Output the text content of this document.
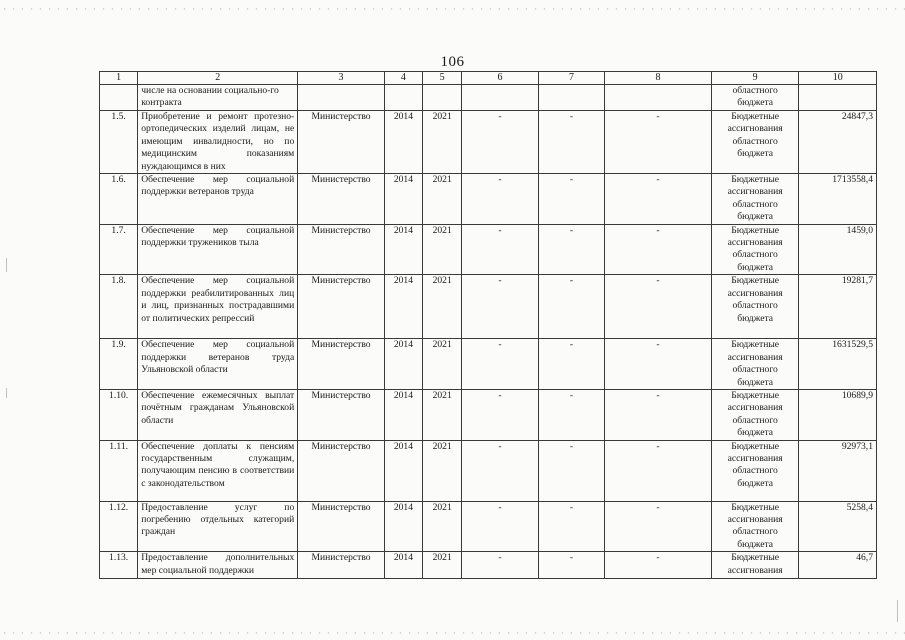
106
1	2	3	4	5	6	7	8	9	10
	числе на основании социально-го контракта							областного бюджета	
1.5.	Приобретение и ремонт протезно-ортопедических изделий лицам, не имеющим инвалидности, но по медицинским показаниям нуждающимся в них	Министерство	2014	2021	-	-	-	Бюджетные ассигнования областного бюджета	24847,3
1.6.	Обеспечение мер социальной поддержки ветеранов труда	Министерство	2014	2021	-	-	-	Бюджетные ассигнования областного бюджета	1713558,4
1.7.	Обеспечение мер социальной поддержки тружеников тыла	Министерство	2014	2021	-	-	-	Бюджетные ассигнования областного бюджета	1459,0
1.8.	Обеспечение мер социальной поддержки реабилитированных лиц и лиц, признанных пострадавшими от политических репрессий	Министерство	2014	2021	-	-	-	Бюджетные ассигнования областного бюджета	19281,7
1.9.	Обеспечение мер социальной поддержки ветеранов труда Ульяновской области	Министерство	2014	2021	-	-	-	Бюджетные ассигнования областного бюджета	1631529,5
1.10.	Обеспечение ежемесячных выплат почётным гражданам Ульяновской области	Министерство	2014	2021	-	-	-	Бюджетные ассигнования областного бюджета	10689,9
1.11.	Обеспечение доплаты к пенсиям государственным служащим, получающим пенсию в соответствии с законодательством	Министерство	2014	2021	-	-	-	Бюджетные ассигнования областного бюджета	92973,1
1.12.	Предоставление услуг по погребению отдельных категорий граждан	Министерство	2014	2021	-	-	-	Бюджетные ассигнования областного бюджета	5258,4
1.13.	Предоставление дополнительных мер социальной поддержки	Министерство	2014	2021	-	-	-	Бюджетные ассигнования	46,7
